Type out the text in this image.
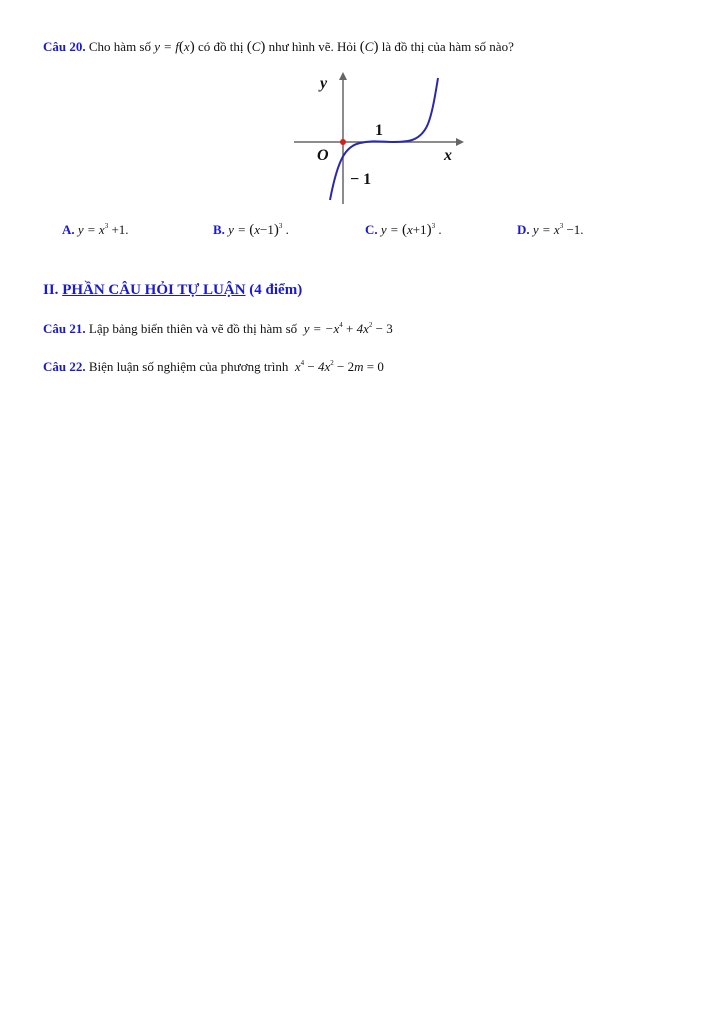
Câu 20. Cho hàm số y = f(x) có đồ thị (C) như hình vẽ. Hỏi (C) là đồ thị của hàm số nào?
y
x
O
1
− 1
A. $y = x^3 +1$.	B. $y = (x-1)^3$ .	C. $y = (x+1)^3$ .	D. $y = x^3 -1$.
II. PHẦN CÂU HỎI TỰ LUẬN (4 điểm)
Câu 21. Lập bảng biến thiên và vẽ đồ thị hàm số  $y = -x^4 + 4x^2 - 3$
Câu 22. Biện luận số nghiệm của phương trình  $x^4 - 4x^2 - 2m = 0$
